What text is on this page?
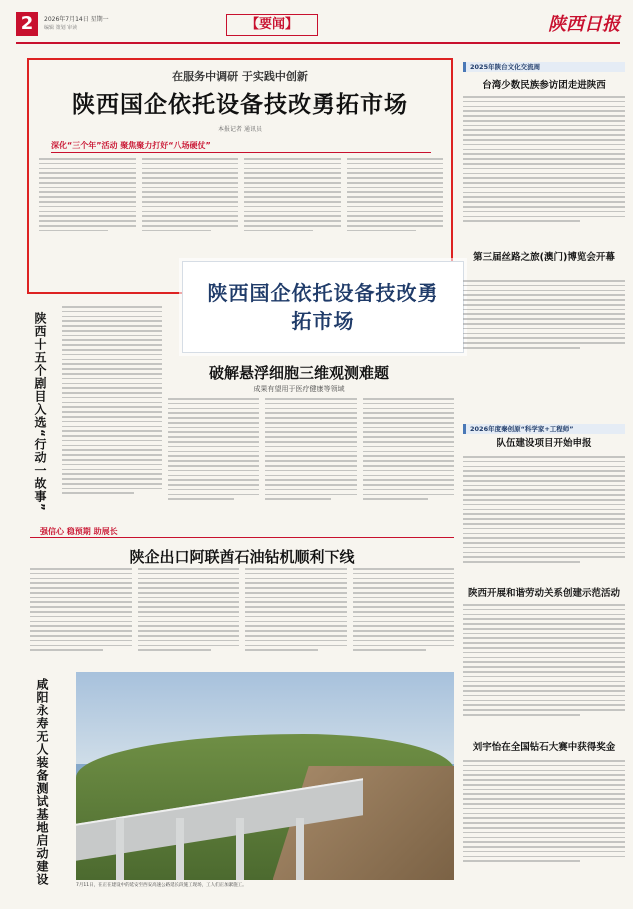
2	2026年7月14日 星期一
编辑 策划 审读	【要闻】	陕西日报
在服务中调研 于实践中创新
陕西国企依托设备技改勇拓市场
本报记者 通讯员
深化“三个年”活动 聚焦聚力打好“八场硬仗”
陕西十五个剧目入选“行动一故事”	破解悬浮细胞三维观测难题
成果有望用于医疗健康等领域
陕西国企依托设备技改勇拓市场
强信心 稳预期 助展长
陕企出口阿联酋石油钻机顺利下线
咸阳永寿无人装备测试基地启动建设	7月11日，在正在建设中的延安至西安高速公路延长段施工现场，工人们正加紧施工。
2025年陕台文化交流周
台湾少数民族参访团走进陕西
第三届丝路之旅(澳门)博览会开幕
2026年度秦创原“科学家+工程师”
队伍建设项目开始申报
陕西开展和谐劳动关系创建示范活动
刘宇怡在全国钻石大赛中获得奖金
